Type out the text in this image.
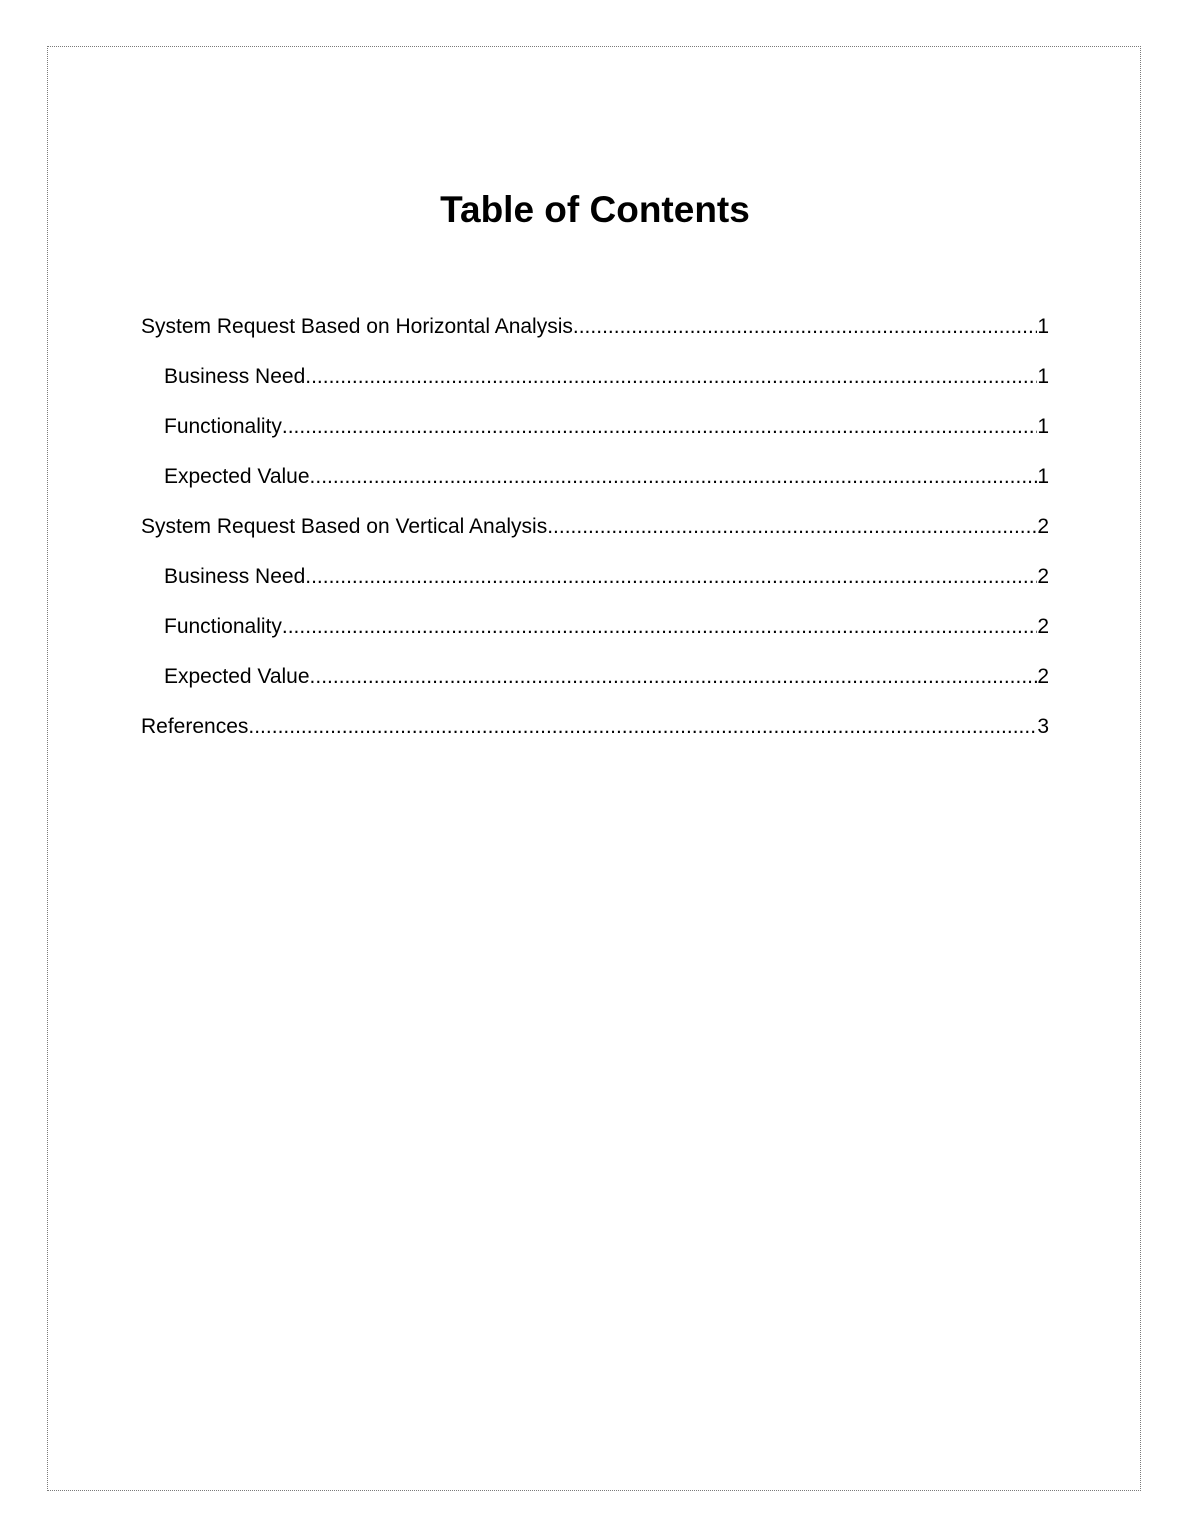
Table of Contents
System Request Based on Horizontal Analysis .....	1
Business Need .....	1
Functionality .....	1
Expected Value .....	1
System Request Based on Vertical Analysis .....	2
Business Need .....	2
Functionality .....	2
Expected Value .....	2
References .....	3
